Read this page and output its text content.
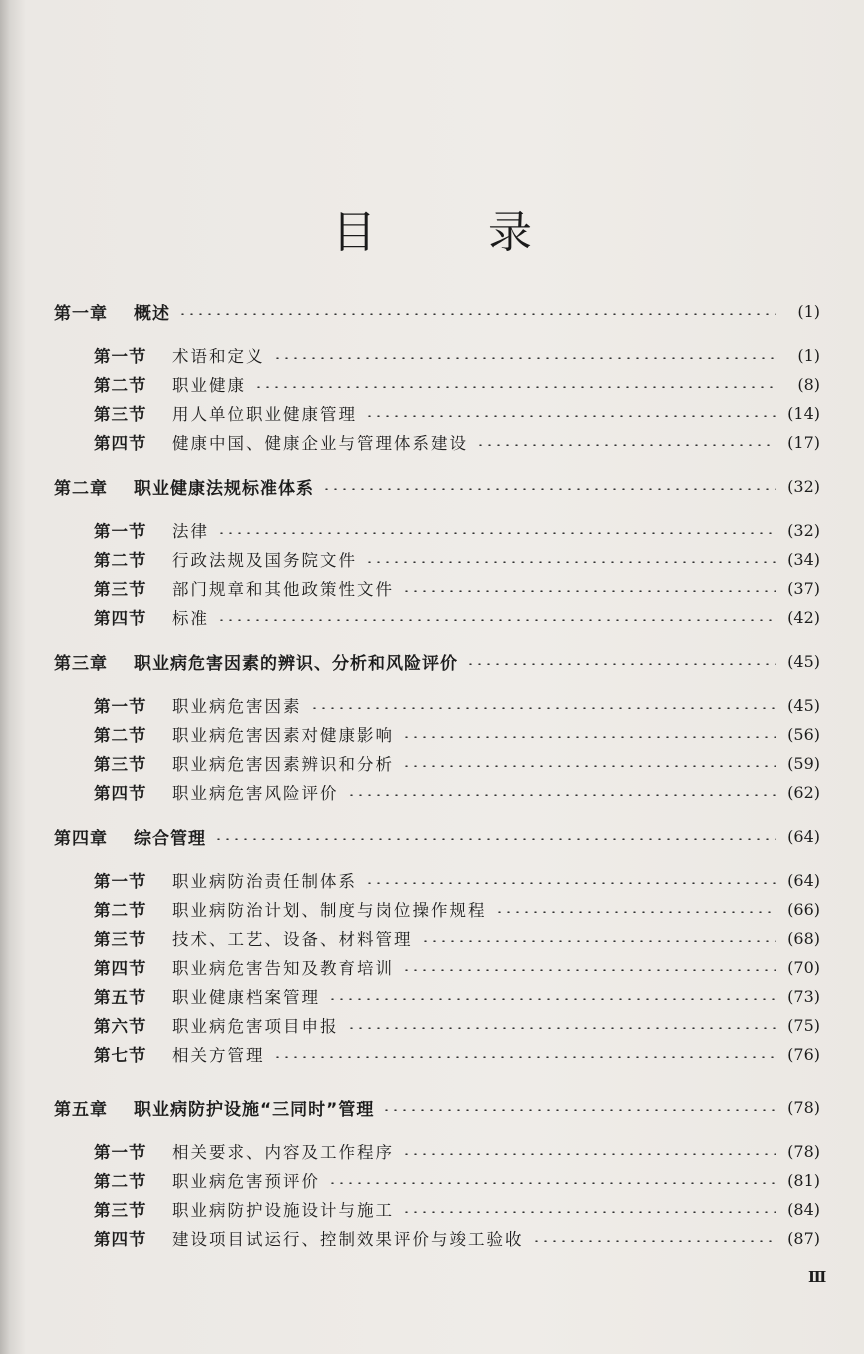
目	录
第一章	概述	(1)
第一节	术语和定义	(1)
第二节	职业健康	(8)
第三节	用人单位职业健康管理	(14)
第四节	健康中国、健康企业与管理体系建设	(17)
第二章	职业健康法规标准体系	(32)
第一节	法律	(32)
第二节	行政法规及国务院文件	(34)
第三节	部门规章和其他政策性文件	(37)
第四节	标准	(42)
第三章	职业病危害因素的辨识、分析和风险评价	(45)
第一节	职业病危害因素	(45)
第二节	职业病危害因素对健康影响	(56)
第三节	职业病危害因素辨识和分析	(59)
第四节	职业病危害风险评价	(62)
第四章	综合管理	(64)
第一节	职业病防治责任制体系	(64)
第二节	职业病防治计划、制度与岗位操作规程	(66)
第三节	技术、工艺、设备、材料管理	(68)
第四节	职业病危害告知及教育培训	(70)
第五节	职业健康档案管理	(73)
第六节	职业病危害项目申报	(75)
第七节	相关方管理	(76)
第五章	职业病防护设施“三同时”管理	(78)
第一节	相关要求、内容及工作程序	(78)
第二节	职业病危害预评价	(81)
第三节	职业病防护设施设计与施工	(84)
第四节	建设项目试运行、控制效果评价与竣工验收	(87)
Ⅲ
